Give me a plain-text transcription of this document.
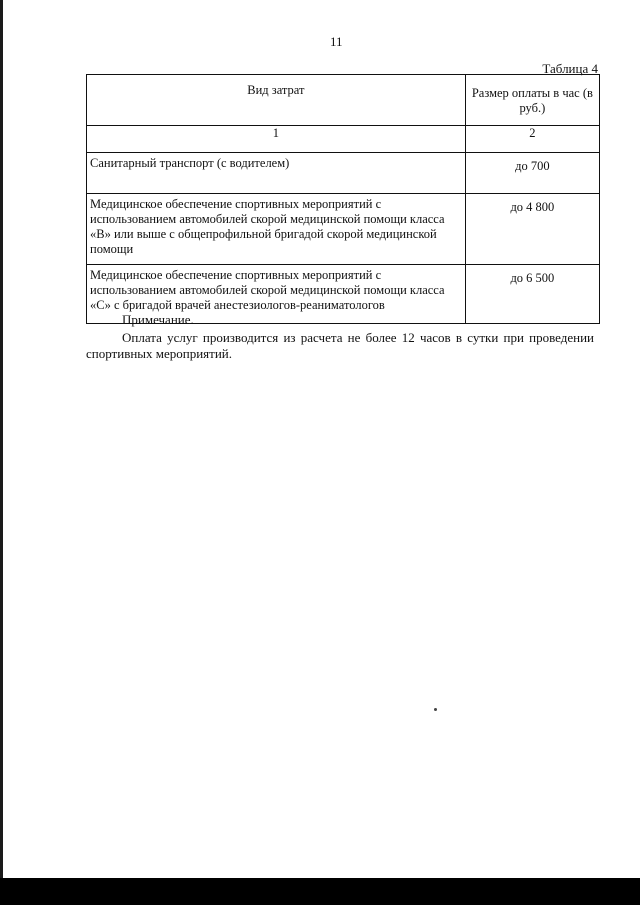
11
Таблица 4
Вид затрат	Размер оплаты в час (в руб.)
1	2
Санитарный транспорт (с водителем)	до 700
Медицинское обеспечение спортивных мероприятий с использованием автомобилей скорой медицинской помощи класса «B» или выше с общепрофильной бригадой скорой медицинской помощи	до 4 800
Медицинское обеспечение спортивных мероприятий с использованием автомобилей скорой медицинской помощи класса «C» с бригадой врачей анестезиологов-реаниматологов	до 6 500

Примечание.

Оплата услуг производится из расчета не более 12 часов в сутки при проведении спортивных мероприятий.
